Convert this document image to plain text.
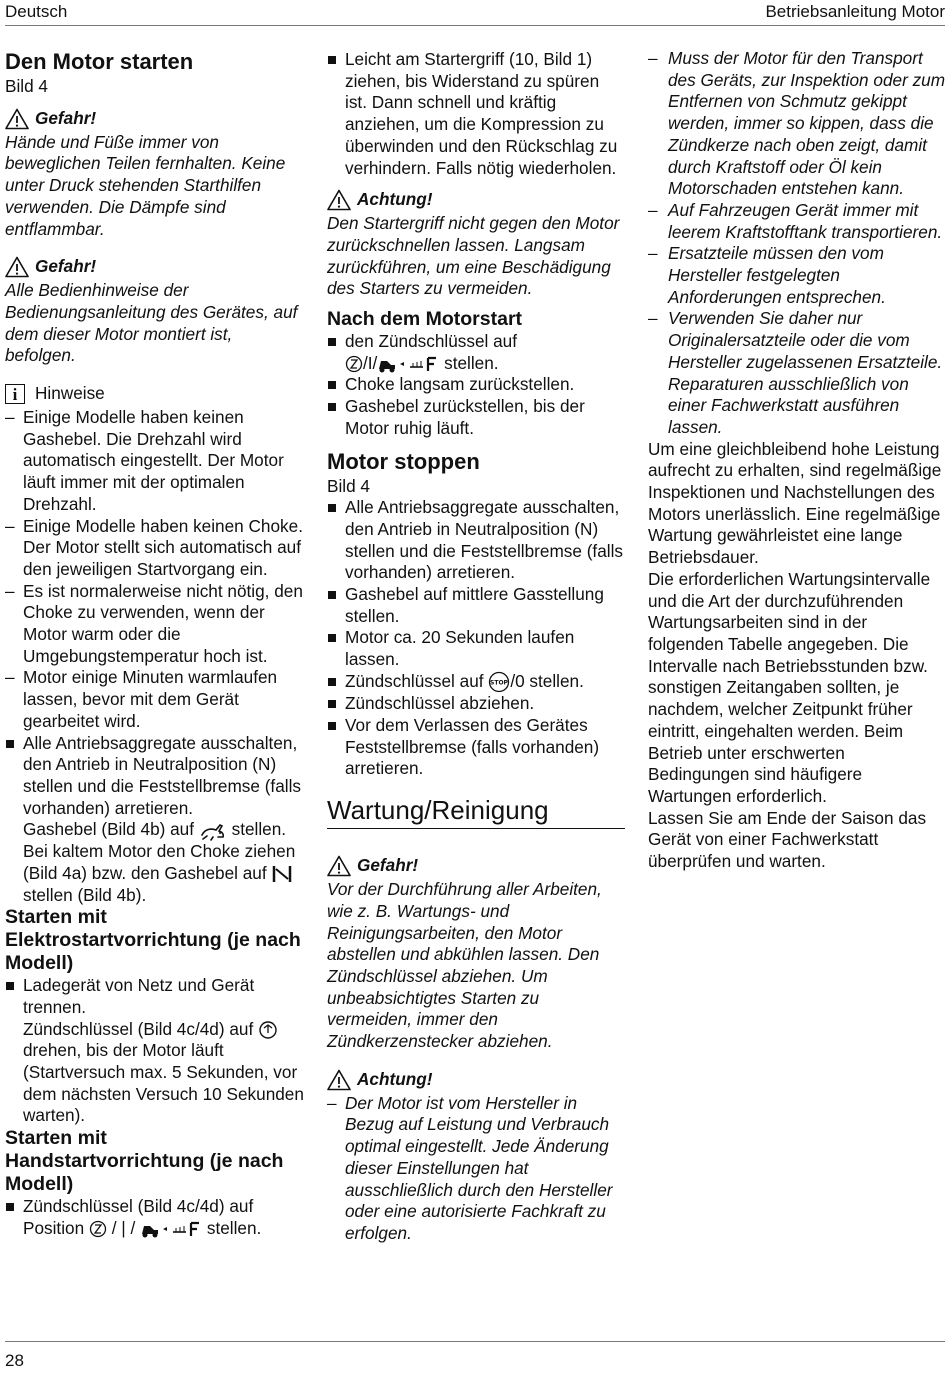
Deutsch	Betriebsanleitung Motor

Den Motor starten

Bild 4

Gefahr!

Hände und Füße immer von beweglichen Teilen fernhalten. Keine unter Druck stehenden Starthilfen verwenden. Die Dämpfe sind entflammbar.

Gefahr!

Alle Bedienhinweise der Bedienungsanleitung des Gerätes, auf dem dieser Motor montiert ist, befolgen.

i	Hinweise
– Einige Modelle haben keinen Gashebel. Die Drehzahl wird automatisch eingestellt. Der Motor läuft immer mit der optimalen Drehzahl.
– Einige Modelle haben keinen Choke. Der Motor stellt sich automatisch auf den jeweiligen Startvorgang ein.
– Es ist normalerweise nicht nötig, den Choke zu verwenden, wenn der Motor warm oder die Umgebungstemperatur hoch ist.
– Motor einige Minuten warmlaufen lassen, bevor mit dem Gerät gearbeitet wird.
Alle Antriebsaggregate ausschalten, den Antrieb in Neutralposition (N) stellen und die Feststellbremse (falls vorhanden) arretieren.

Gashebel (Bild 4b) auf stellen.

Bei kaltem Motor den Choke ziehen (Bild 4a) bzw. den Gashebel auf  stellen (Bild 4b).

Starten mit Elektrostartvorrichtung (je nach Modell)

Ladegerät von Netz und Gerät trennen.

Zündschlüssel (Bild 4c/4d) auf  drehen, bis der Motor läuft (Startversuch max. 5 Sekunden, vor dem nächsten Versuch 10 Sekunden warten).

Starten mit Handstartvorrichtung (je nach Modell)

Zündschlüssel (Bild 4c/4d) auf Position / | /	stellen.
Leicht am Startergriff (10, Bild 1) ziehen, bis Widerstand zu spüren ist. Dann schnell und kräftig anziehen, um die Kompression zu überwinden und den Rückschlag zu verhindern. Falls nötig wiederholen.
Achtung!

Den Startergriff nicht gegen den Motor zurückschnellen lassen. Langsam zurückführen, um eine Beschädigung des Starters zu vermeiden.

Nach dem Motorstart

den Zündschlüssel auf
/I/	stellen.
Choke langsam zurückstellen.
Gashebel zurückstellen, bis der Motor ruhig läuft.

Motor stoppen

Bild 4

Alle Antriebsaggregate ausschalten, den Antrieb in Neutralposition (N) stellen und die Feststellbremse (falls vorhanden) arretieren.
Gashebel auf mittlere Gasstellung stellen.
Motor ca. 20 Sekunden laufen lassen.
Zündschlüssel auf STOP /0 stellen.
Zündschlüssel abziehen.
Vor dem Verlassen des Gerätes Feststellbremse (falls vorhanden) arretieren.

Wartung/Reinigung

Gefahr!

Vor der Durchführung aller Arbeiten, wie z. B. Wartungs- und Reinigungsarbeiten, den Motor abstellen und abkühlen lassen. Den Zündschlüssel abziehen. Um unbeabsichtigtes Starten zu vermeiden, immer den Zündkerzenstecker abziehen.

Achtung!
– Der Motor ist vom Hersteller in Bezug auf Leistung und Verbrauch optimal eingestellt. Jede Änderung dieser Einstellungen hat ausschließlich durch den Hersteller oder eine autorisierte Fachkraft zu erfolgen.
– Muss der Motor für den Transport des Geräts, zur Inspektion oder zum Entfernen von Schmutz gekippt werden, immer so kippen, dass die Zündkerze nach oben zeigt, damit durch Kraftstoff oder Öl kein Motorschaden entstehen kann.
– Auf Fahrzeugen Gerät immer mit leerem Kraftstofftank transportieren.
– Ersatzteile müssen den vom Hersteller festgelegten Anforderungen entsprechen.
– Verwenden Sie daher nur Originalersatzteile oder die vom Hersteller zugelassenen Ersatzteile. Reparaturen ausschließlich von einer Fachwerkstatt ausführen lassen.

Um eine gleichbleibend hohe Leistung aufrecht zu erhalten, sind regelmäßige Inspektionen und Nachstellungen des Motors unerlässlich. Eine regelmäßige Wartung gewährleistet eine lange Betriebsdauer.

Die erforderlichen Wartungsintervalle und die Art der durchzuführenden Wartungsarbeiten sind in der folgenden Tabelle angegeben. Die Intervalle nach Betriebsstunden bzw. sonstigen Zeitangaben sollten, je nachdem, welcher Zeitpunkt früher eintritt, eingehalten werden. Beim Betrieb unter erschwerten Bedingungen sind häufigere Wartungen erforderlich.

Lassen Sie am Ende der Saison das Gerät von einer Fachwerkstatt überprüfen und warten.

28
